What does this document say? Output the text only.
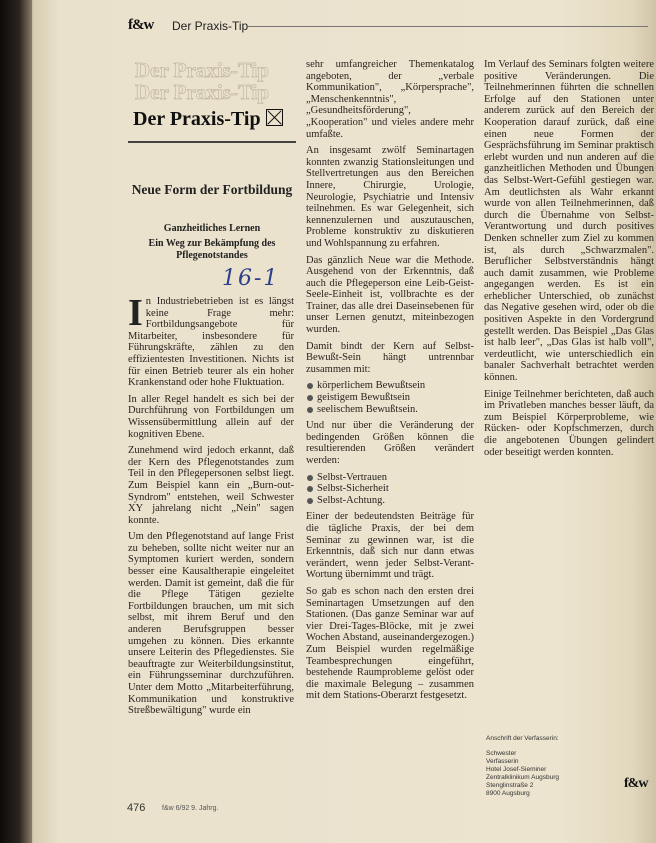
f&w Der Praxis-Tip
Der Praxis-Tip
Der Praxis-Tip
Der Praxis-Tip
Neue Form der Fortbildung
Ganzheitliches Lernen
Ein Weg zur Bekämpfung des Pflegenotstandes
16-1

In Industriebetrieben ist es längst keine Frage mehr: Fortbildungsangebote für Mitarbeiter, insbesondere für Führungskräfte, zählen zu den effizientesten Investitionen. Nichts ist für einen Betrieb teurer als ein hoher Krankenstand oder hohe Fluktuation.

In aller Regel handelt es sich bei der Durchführung von Fortbildungen um Wissensübermittlung allein auf der kognitiven Ebene.

Zunehmend wird jedoch erkannt, daß der Kern des Pflegenotstandes zum Teil in den Pflegepersonen selbst liegt. Zum Beispiel kann ein „Burn-out-Syndrom" entstehen, weil Schwester XY jahrelang nicht „Nein" sagen konnte.

Um den Pflegenotstand auf lange Frist zu beheben, sollte nicht weiter nur an Symptomen kuriert werden, sondern besser eine Kausaltherapie eingeleitet werden. Damit ist gemeint, daß die für die Pflege Tätigen gezielte Fortbildungen brauchen, um mit sich selbst, mit ihrem Beruf und den anderen Berufsgruppen besser umgehen zu können. Dies erkannte unsere Leiterin des Pflegedienstes. Sie beauftragte zur Weiterbildungsinstitut, ein Führungsseminar durchzuführen. Unter dem Motto „Mitarbeiterführung, Kommunikation und konstruktive Streßbewältigung" wurde ein

sehr umfangreicher Themenkatalog angeboten, der „verbale Kommunikation", „Körpersprache", „Menschenkenntnis", „Gesundheitsförderung", „Kooperation" und vieles andere mehr umfaßte.

An insgesamt zwölf Seminartagen konnten zwanzig Stationsleitungen und Stellvertretungen aus den Bereichen Innere, Chirurgie, Urologie, Neurologie, Psychiatrie und Intensiv teilnehmen. Es war Gelegenheit, sich kennenzulernen und auszutauschen, Probleme konstruktiv zu diskutieren und Wohlspannung zu erfahren.

Das gänzlich Neue war die Methode. Ausgehend von der Erkenntnis, daß auch die Pflegeperson eine Leib-Geist-Seele-Einheit ist, vollbrachte es der Trainer, das alle drei Daseinsebenen für unser Lernen genutzt, miteinbezogen wurden.

Damit bindt der Kern auf Selbst-Bewußt-Sein hängt untrennbar zusammen mit:

körperlichem Bewußtsein
geistigem Bewußtsein
seelischem Bewußtsein.

Und nur über die Veränderung der bedingenden Größen können die resultierenden Größen verändert werden:

Selbst-Vertrauen
Selbst-Sicherheit
Selbst-Achtung.

Einer der bedeutendsten Beiträge für die tägliche Praxis, der bei dem Seminar zu gewinnen war, ist die Erkenntnis, daß sich nur dann etwas verändert, wenn jeder Selbst-Verant-Wortung übernimmt und trägt.

So gab es schon nach den ersten drei Seminartagen Umsetzungen auf den Stationen. (Das ganze Seminar war auf vier Drei-Tages-Blöcke, mit je zwei Wochen Abstand, auseinandergezogen.) Zum Beispiel wurden regelmäßige Teambesprechungen eingeführt, bestehende Raumprobleme gelöst oder die maximale Belegung – zusammen mit dem Stations-Oberarzt festgesetzt.

Im Verlauf des Seminars folgten weitere positive Veränderungen. Die Teilnehmerinnen führten die schnellen Erfolge auf den Stationen unter anderem zurück auf den Bereich der Kooperation darauf zurück, daß eine einen neue Formen der Gesprächsführung im Seminar praktisch erlebt wurden und nun anderen auf die ganzheitlichen Methoden und Übungen das Selbst-Wert-Gefühl gestiegen war. Am deutlichsten als Wahr erkannt wurde von allen Teilnehmerinnen, daß durch die Übernahme von Selbst-Verantwortung und durch positives Denken schneller zum Ziel zu kommen ist, als durch „Schwarzmalen". Beruflicher Selbstverständnis hängt auch damit zusammen, wie Probleme angegangen werden. Es ist ein erheblicher Unterschied, ob zunächst das Negative gesehen wird, oder ob die positiven Aspekte in den Vordergrund gestellt werden. Das Beispiel „Das Glas ist halb leer", „Das Glas ist halb voll", verdeutlicht, wie unterschiedlich ein banaler Sachverhalt betrachtet werden können.

Einige Teilnehmer berichteten, daß auch im Privatleben manches besser läuft, da zum Beispiel Körperprobleme, wie Rücken- oder Kopfschmerzen, durch die angebotenen Übungen gelindert oder beseitigt werden konnten.

Anschrift der Verfasserin:
Schwester
Verfasserin
Hotel Josef-Sieminer
Zentralklinikum Augsburg
Stenglinstraße 2
8900 Augsburg
f&w
476 f&w 6/92 9. Jahrg.
